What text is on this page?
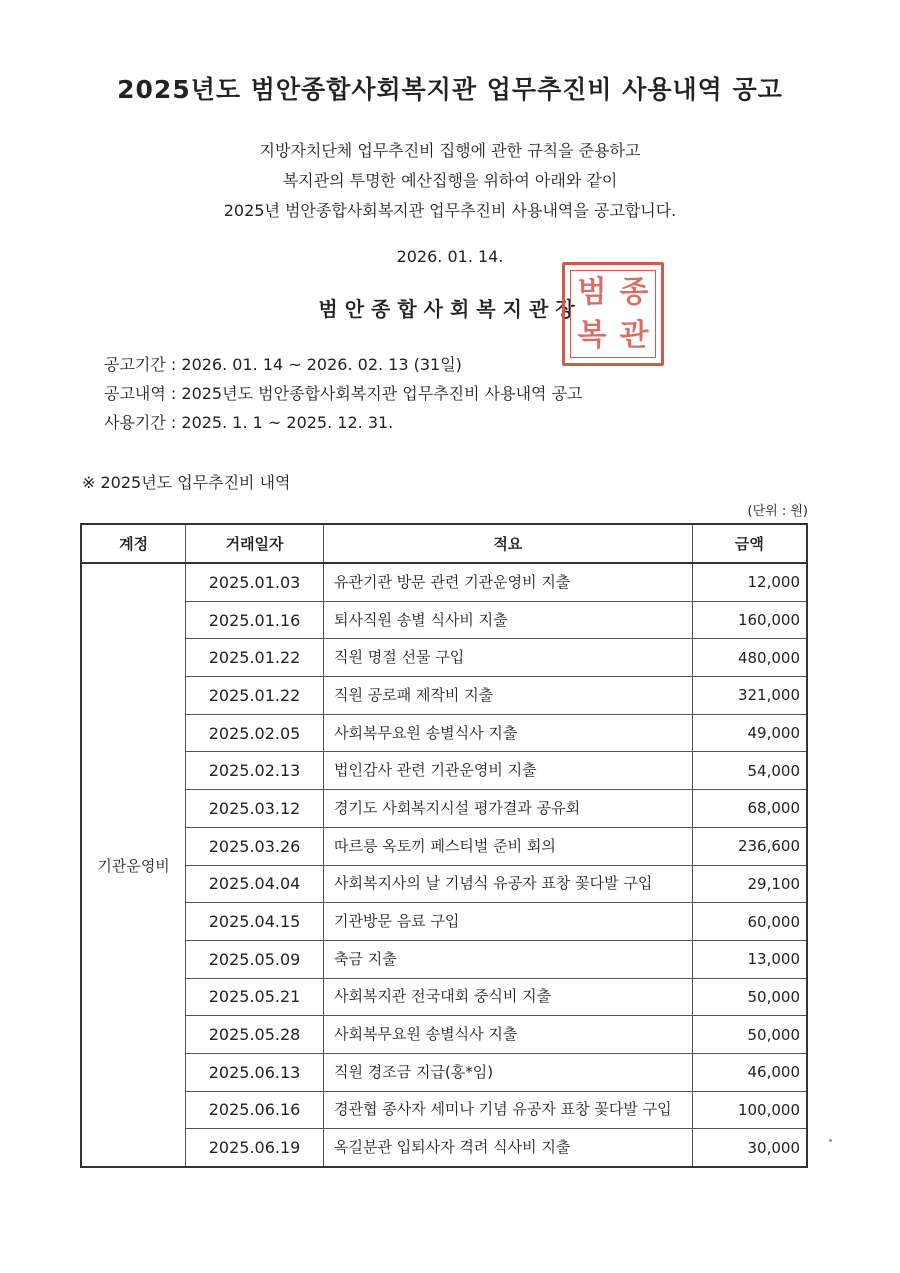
2025년도 범안종합사회복지관 업무추진비 사용내역 공고
지방자치단체 업무추진비 집행에 관한 규칙을 준용하고
복지관의 투명한 예산집행을 위하여 아래와 같이
2025년 범안종합사회복지관 업무추진비 사용내역을 공고합니다.
2026. 01. 14.
범안종합사회복지관장
범 종
복 관
공고기간 : 2026. 01. 14 ~ 2026. 02. 13 (31일)
공고내역 : 2025년도 범안종합사회복지관 업무추진비 사용내역 공고
사용기간 : 2025. 1. 1 ~ 2025. 12. 31.
※ 2025년도 업무추진비 내역
(단위 : 원)
계정	거래일자	적요	금액
기관운영비	2025.01.03	유관기관 방문 관련 기관운영비 지출	12,000
	2025.01.16	퇴사직원 송별 식사비 지출	160,000
	2025.01.22	직원 명절 선물 구입	480,000
	2025.01.22	직원 공로패 제작비 지출	321,000
	2025.02.05	사회복무요원 송별식사 지출	49,000
	2025.02.13	법인감사 관련 기관운영비 지출	54,000
	2025.03.12	경기도 사회복지시설 평가결과 공유회	68,000
	2025.03.26	따르릉 옥토끼 페스티벌 준비 회의	236,600
	2025.04.04	사회복지사의 날 기념식 유공자 표창 꽃다발 구입	29,100
	2025.04.15	기관방문 음료 구입	60,000
	2025.05.09	축금 지출	13,000
	2025.05.21	사회복지관 전국대회 중식비 지출	50,000
	2025.05.28	사회복무요원 송별식사 지출	50,000
	2025.06.13	직원 경조금 지급(홍*임)	46,000
	2025.06.16	경관협 종사자 세미나 기념 유공자 표창 꽃다발 구입	100,000
	2025.06.19	옥길분관 입퇴사자 격려 식사비 지출	30,000
